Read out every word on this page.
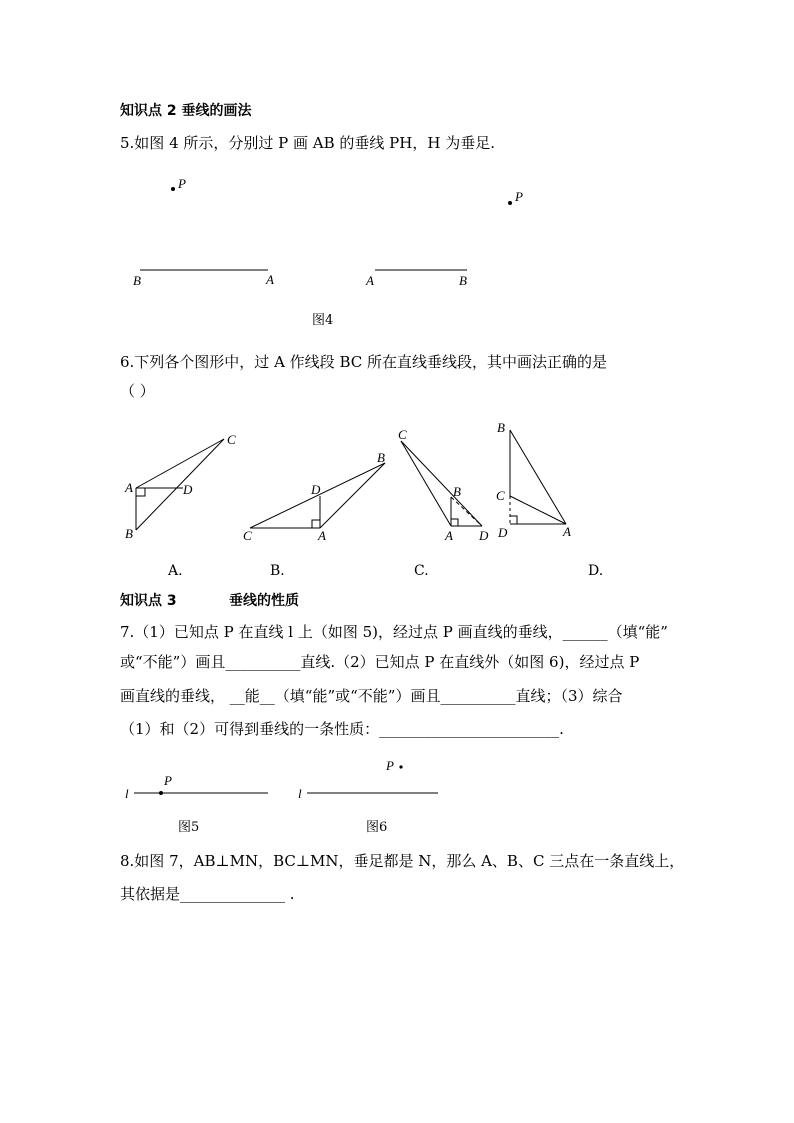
知识点 2 垂线的画法
5.如图 4 所示，分别过 P 画 AB 的垂线 PH，H 为垂足.
P
B	A
P
A	B
C
A	D
B
B
D
C	A
C
B
A D
B
C
D	A
l
P
l
P
图4
6.下列各个图形中，过 A 作线段 BC 所在直线垂线段，其中画法正确的是
（ ）
A.	B.	C.	D.
知识点 3	垂线的性质
7.（1）已知点 P 在直线 l 上（如图 5)，经过点 P 画直线的垂线，______（填“能”
或“不能”）画且__________直线.（2）已知点 P 在直线外（如图 6)，经过点 P
画直线的垂线， __能__（填“能”或“不能”）画且__________直线；（3）综合
（1）和（2）可得到垂线的一条性质：________________________.
图5	图6
8.如图 7，AB⊥MN，BC⊥MN，垂足都是 N，那么 A、B、C 三点在一条直线上，
其依据是______________ .
